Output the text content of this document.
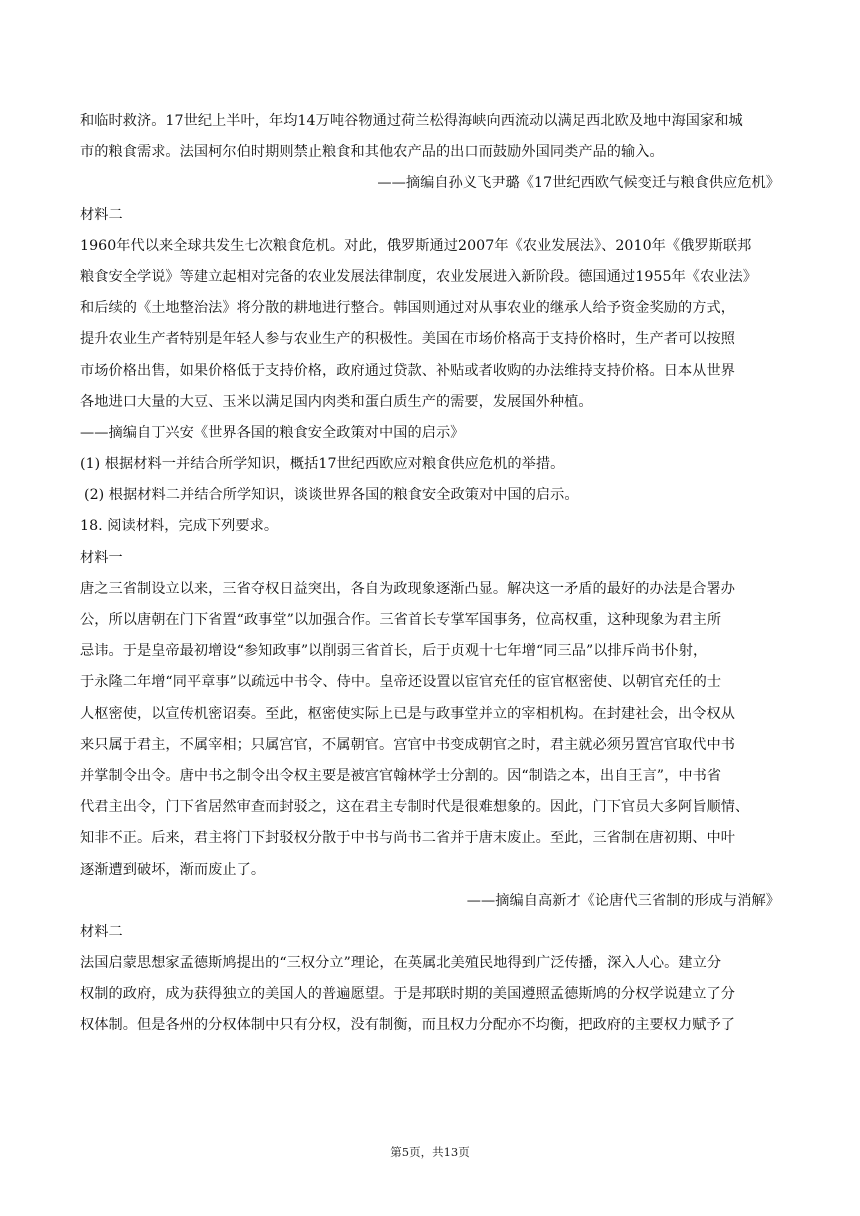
和临时救济。17世纪上半叶，年均14万吨谷物通过荷兰松得海峡向西流动以满足西北欧及地中海国家和城
市的粮食需求。法国柯尔伯时期则禁止粮食和其他农产品的出口而鼓励外国同类产品的输入。
——摘编自孙义飞尹璐《17世纪西欧气候变迁与粮食供应危机》
材料二
1960年代以来全球共发生七次粮食危机。对此，俄罗斯通过2007年《农业发展法》、2010年《俄罗斯联邦
粮食安全学说》等建立起相对完备的农业发展法律制度，农业发展进入新阶段。德国通过1955年《农业法》
和后续的《土地整治法》将分散的耕地进行整合。韩国则通过对从事农业的继承人给予资金奖励的方式，
提升农业生产者特别是年轻人参与农业生产的积极性。美国在市场价格高于支持价格时，生产者可以按照
市场价格出售，如果价格低于支持价格，政府通过贷款、补贴或者收购的办法维持支持价格。日本从世界
各地进口大量的大豆、玉米以满足国内肉类和蛋白质生产的需要，发展国外种植。
——摘编自丁兴安《世界各国的粮食安全政策对中国的启示》
(1) 根据材料一并结合所学知识，概括17世纪西欧应对粮食供应危机的举措。
(2) 根据材料二并结合所学知识，谈谈世界各国的粮食安全政策对中国的启示。
18. 阅读材料，完成下列要求。
材料一
唐之三省制设立以来，三省夺权日益突出，各自为政现象逐渐凸显。解决这一矛盾的最好的办法是合署办
公，所以唐朝在门下省置“政事堂”以加强合作。三省首长专掌军国事务，位高权重，这种现象为君主所
忌讳。于是皇帝最初增设“参知政事”以削弱三省首长，后于贞观十七年增“同三品”以排斥尚书仆射，
于永隆二年增“同平章事”以疏远中书令、侍中。皇帝还设置以宦官充任的宦官枢密使、以朝官充任的士
人枢密使，以宣传机密诏奏。至此，枢密使实际上已是与政事堂并立的宰相机构。在封建社会，出令权从
来只属于君主，不属宰相；只属宫官，不属朝官。宫官中书变成朝官之时，君主就必须另置宫官取代中书
并掌制令出令。唐中书之制令出令权主要是被宫官翰林学士分割的。因“制诰之本，出自王言”，中书省
代君主出令，门下省居然审查而封驳之，这在君主专制时代是很难想象的。因此，门下官员大多阿旨顺情、
知非不正。后来，君主将门下封驳权分散于中书与尚书二省并于唐末废止。至此，三省制在唐初期、中叶
逐渐遭到破坏，渐而废止了。
——摘编自高新才《论唐代三省制的形成与消解》
材料二
法国启蒙思想家孟德斯鸠提出的“三权分立”理论，在英属北美殖民地得到广泛传播，深入人心。建立分
权制的政府，成为获得独立的美国人的普遍愿望。于是邦联时期的美国遵照孟德斯鸠的分权学说建立了分
权体制。但是各州的分权体制中只有分权，没有制衡，而且权力分配亦不均衡，把政府的主要权力赋予了
第5页，共13页
